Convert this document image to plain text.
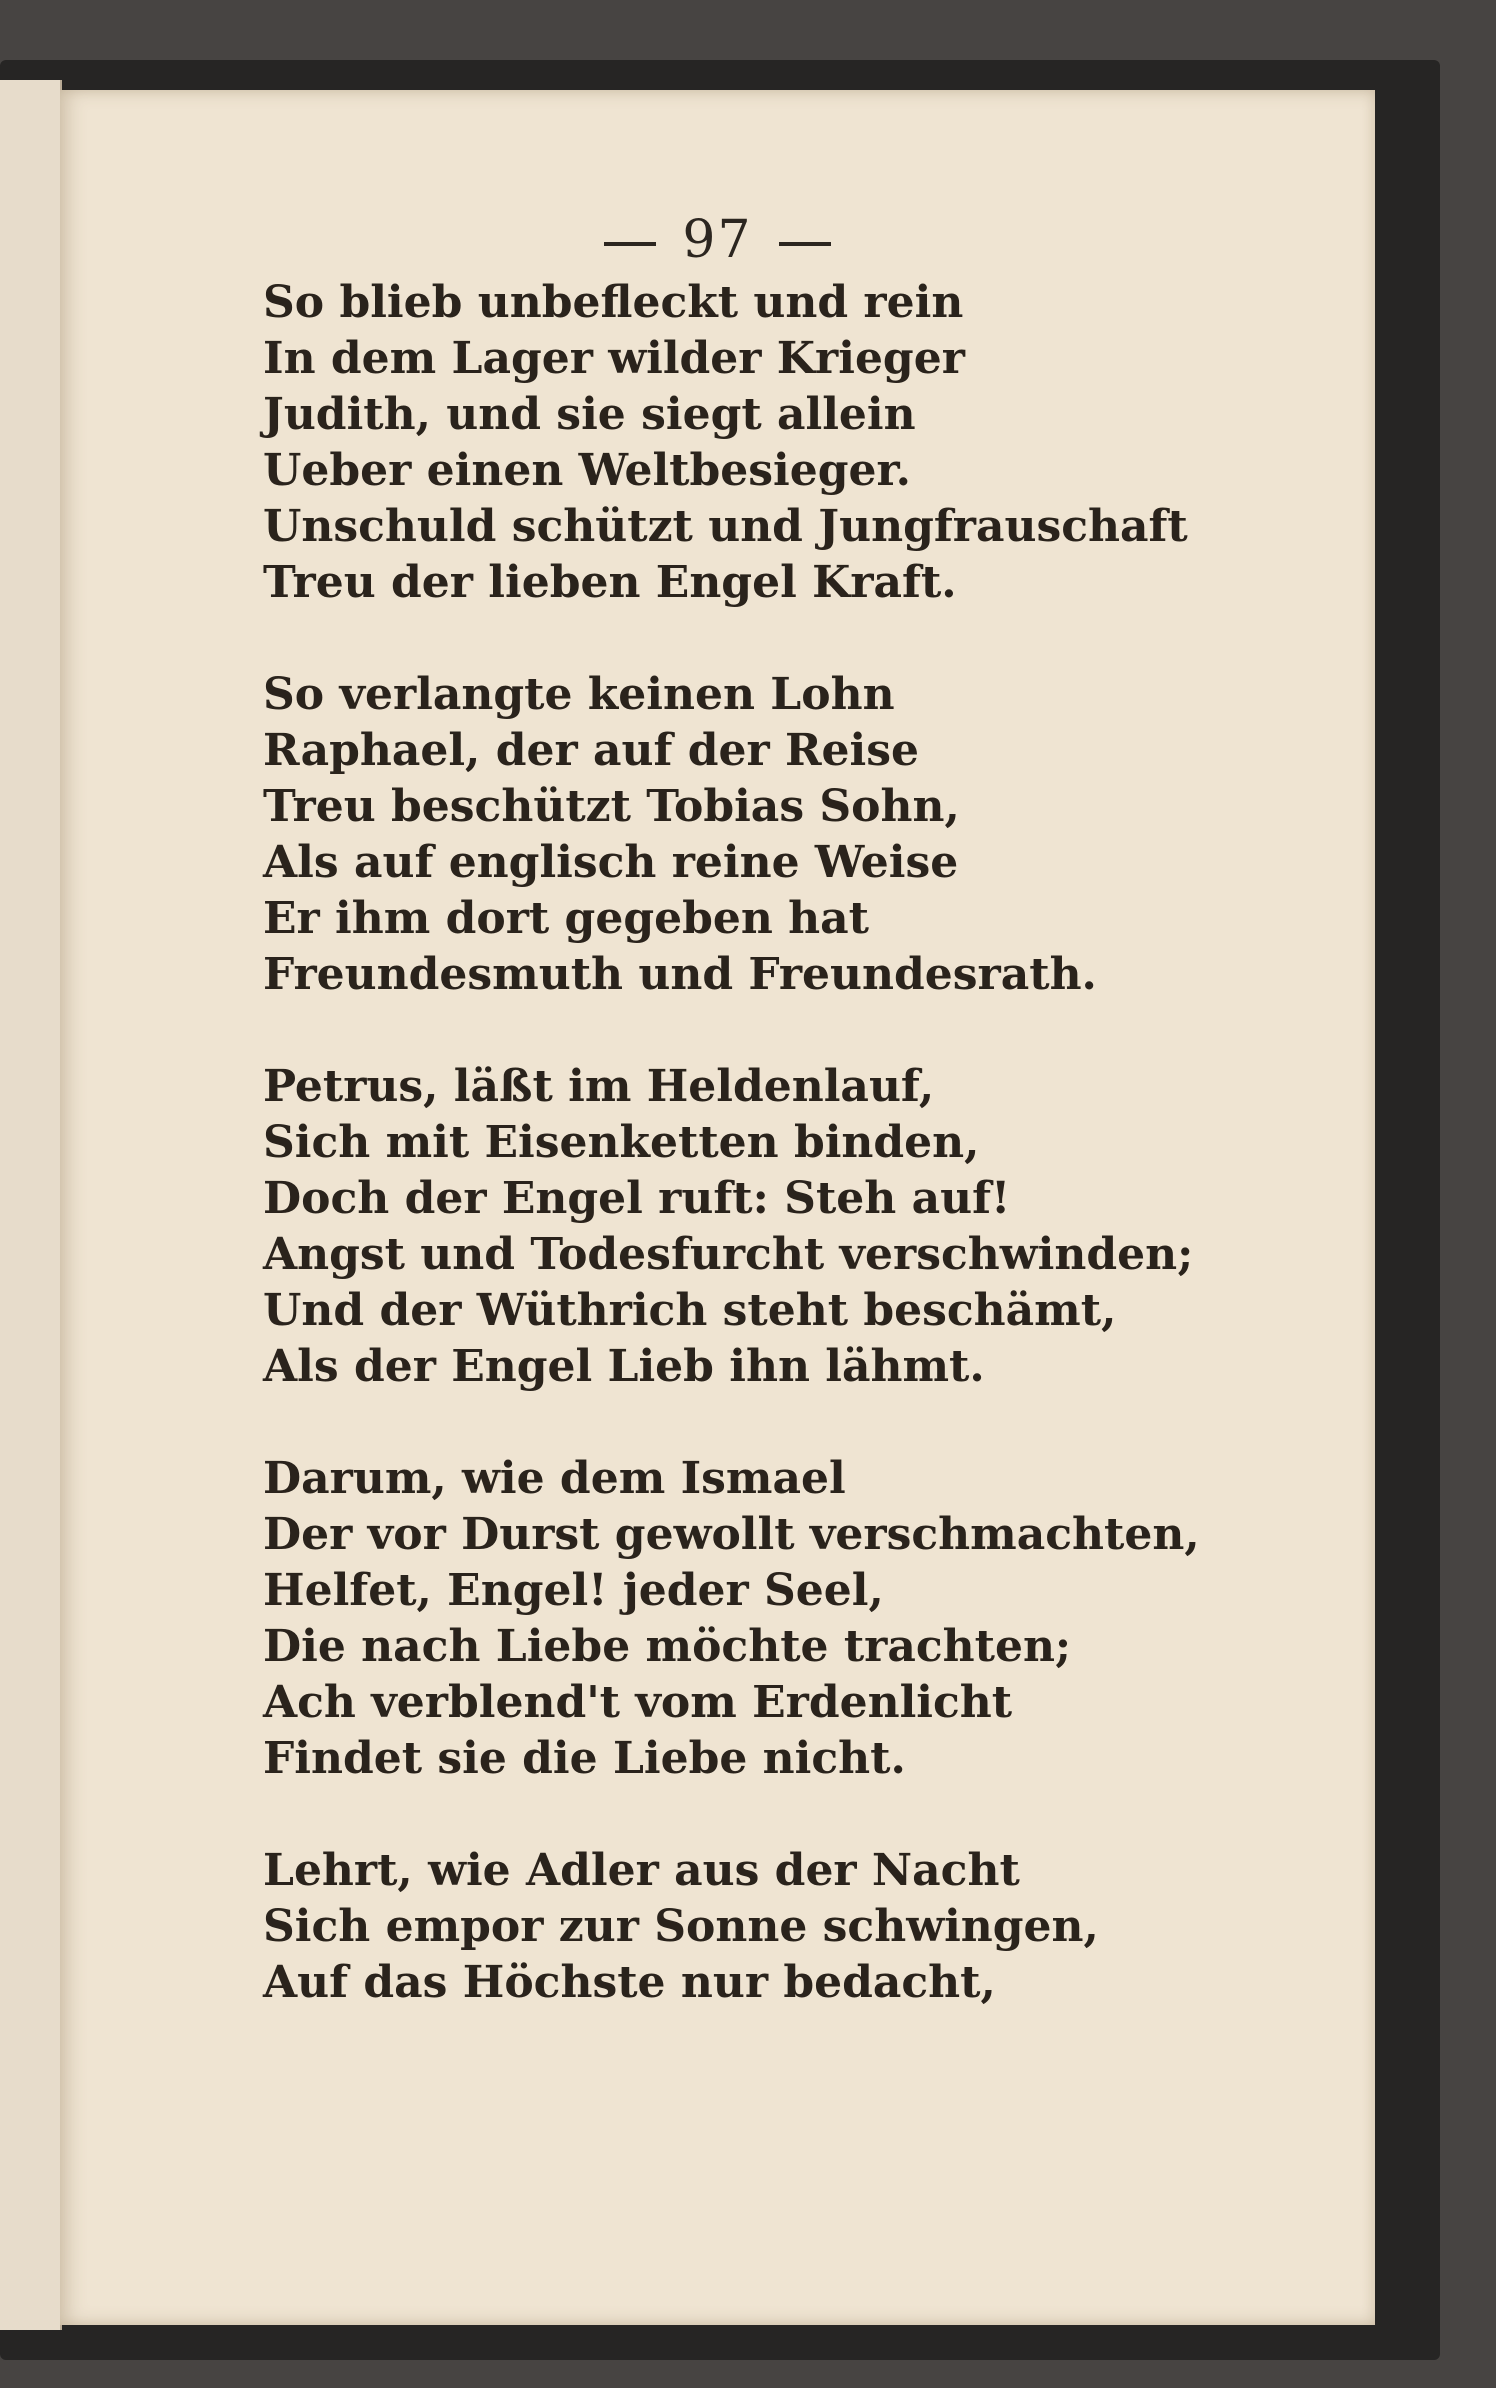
97
So blieb unbefleckt und rein
In dem Lager wilder Krieger
Judith, und sie siegt allein
Ueber einen Weltbesieger.
Unschuld schützt und Jungfrauschaft
Treu der lieben Engel Kraft.
So verlangte keinen Lohn
Raphael, der auf der Reise
Treu beschützt Tobias Sohn,
Als auf englisch reine Weise
Er ihm dort gegeben hat
Freundesmuth und Freundesrath.
Petrus, läßt im Heldenlauf,
Sich mit Eisenketten binden,
Doch der Engel ruft: Steh auf!
Angst und Todesfurcht verschwinden;
Und der Wüthrich steht beschämt,
Als der Engel Lieb ihn lähmt.
Darum, wie dem Ismael
Der vor Durst gewollt verschmachten,
Helfet, Engel! jeder Seel,
Die nach Liebe möchte trachten;
Ach verblend't vom Erdenlicht
Findet sie die Liebe nicht.
Lehrt, wie Adler aus der Nacht
Sich empor zur Sonne schwingen,
Auf das Höchste nur bedacht,
